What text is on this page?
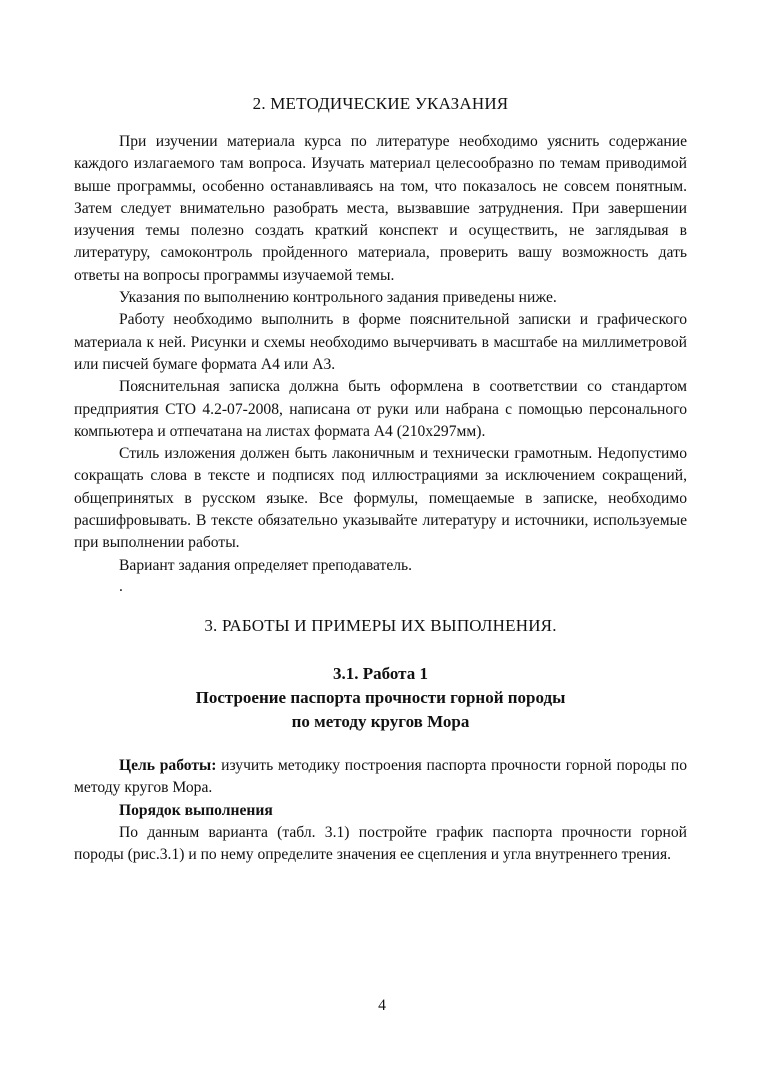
2. МЕТОДИЧЕСКИЕ УКАЗАНИЯ

При изучении материала курса по литературе необходимо уяснить содержание каждого излагаемого там вопроса. Изучать материал целесообразно по темам приводимой выше программы, особенно останавливаясь на том, что показалось не совсем понятным. Затем следует внимательно разобрать места, вызвавшие затруднения. При завершении изучения темы полезно создать краткий конспект и осуществить, не заглядывая в литературу, самоконтроль пройденного материала, проверить вашу возможность дать ответы на вопросы программы изучаемой темы.

Указания по выполнению контрольного задания приведены ниже.

Работу необходимо выполнить в форме пояснительной записки и графического материала к ней. Рисунки и схемы необходимо вычерчивать в масштабе на миллиметровой или писчей бумаге формата А4 или А3.

Пояснительная записка должна быть оформлена в соответствии со стандартом предприятия СТО 4.2-07-2008, написана от руки или набрана с помощью персонального компьютера и отпечатана на листах формата А4 (210х297мм).

Стиль изложения должен быть лаконичным и технически грамотным. Недопустимо сокращать слова в тексте и подписях под иллюстрациями за исключением сокращений, общепринятых в русском языке. Все формулы, помещаемые в записке, необходимо расшифровывать. В тексте обязательно указывайте литературу и источники, используемые при выполнении работы.

Вариант задания определяет преподаватель.

.

3. РАБОТЫ И ПРИМЕРЫ ИХ ВЫПОЛНЕНИЯ.

3.1. Работа 1

Построение паспорта прочности горной породы

по методу кругов Мора

Цель работы: изучить методику построения паспорта прочности горной породы по методу кругов Мора.

Порядок выполнения

По данным варианта (табл. 3.1) постройте график паспорта прочности горной породы (рис.3.1) и по нему определите значения ее сцепления и угла внутреннего трения.

4
